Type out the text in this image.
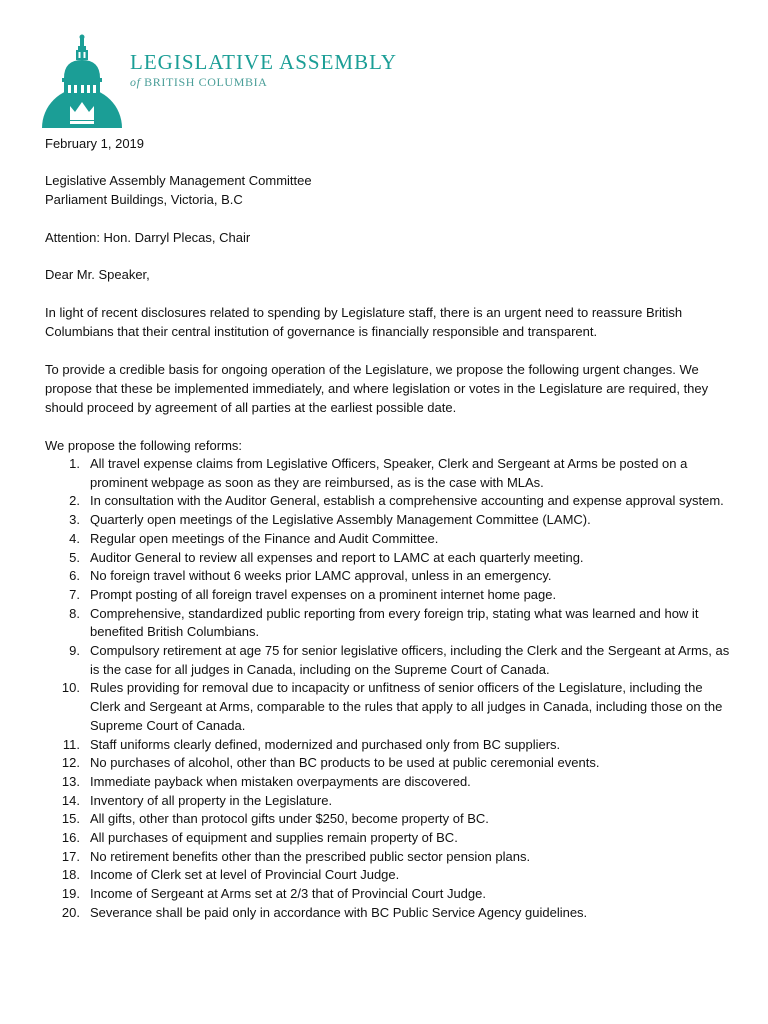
LEGISLATIVE ASSEMBLY
of BRITISH COLUMBIA
February 1, 2019
Legislative Assembly Management Committee
Parliament Buildings, Victoria, B.C
Attention: Hon. Darryl Plecas, Chair
Dear Mr. Speaker,
In light of recent disclosures related to spending by Legislature staff, there is an urgent need to reassure British Columbians that their central institution of governance is financially responsible and transparent.
To provide a credible basis for ongoing operation of the Legislature, we propose the following urgent changes. We propose that these be implemented immediately, and where legislation or votes in the Legislature are required, they should proceed by agreement of all parties at the earliest possible date.
We propose the following reforms:
1. All travel expense claims from Legislative Officers, Speaker, Clerk and Sergeant at Arms be posted on a prominent webpage as soon as they are reimbursed, as is the case with MLAs.
2. In consultation with the Auditor General, establish a comprehensive accounting and expense approval system.
3. Quarterly open meetings of the Legislative Assembly Management Committee (LAMC).
4. Regular open meetings of the Finance and Audit Committee.
5. Auditor General to review all expenses and report to LAMC at each quarterly meeting.
6. No foreign travel without 6 weeks prior LAMC approval, unless in an emergency.
7. Prompt posting of all foreign travel expenses on a prominent internet home page.
8. Comprehensive, standardized public reporting from every foreign trip, stating what was learned and how it benefited British Columbians.
9. Compulsory retirement at age 75 for senior legislative officers, including the Clerk and the Sergeant at Arms, as is the case for all judges in Canada, including on the Supreme Court of Canada.
10. Rules providing for removal due to incapacity or unfitness of senior officers of the Legislature, including the Clerk and Sergeant at Arms, comparable to the rules that apply to all judges in Canada, including those on the Supreme Court of Canada.
11. Staff uniforms clearly defined, modernized and purchased only from BC suppliers.
12. No purchases of alcohol, other than BC products to be used at public ceremonial events.
13. Immediate payback when mistaken overpayments are discovered.
14. Inventory of all property in the Legislature.
15. All gifts, other than protocol gifts under $250, become property of BC.
16. All purchases of equipment and supplies remain property of BC.
17. No retirement benefits other than the prescribed public sector pension plans.
18. Income of Clerk set at level of Provincial Court Judge.
19. Income of Sergeant at Arms set at 2/3 that of Provincial Court Judge.
20. Severance shall be paid only in accordance with BC Public Service Agency guidelines.
